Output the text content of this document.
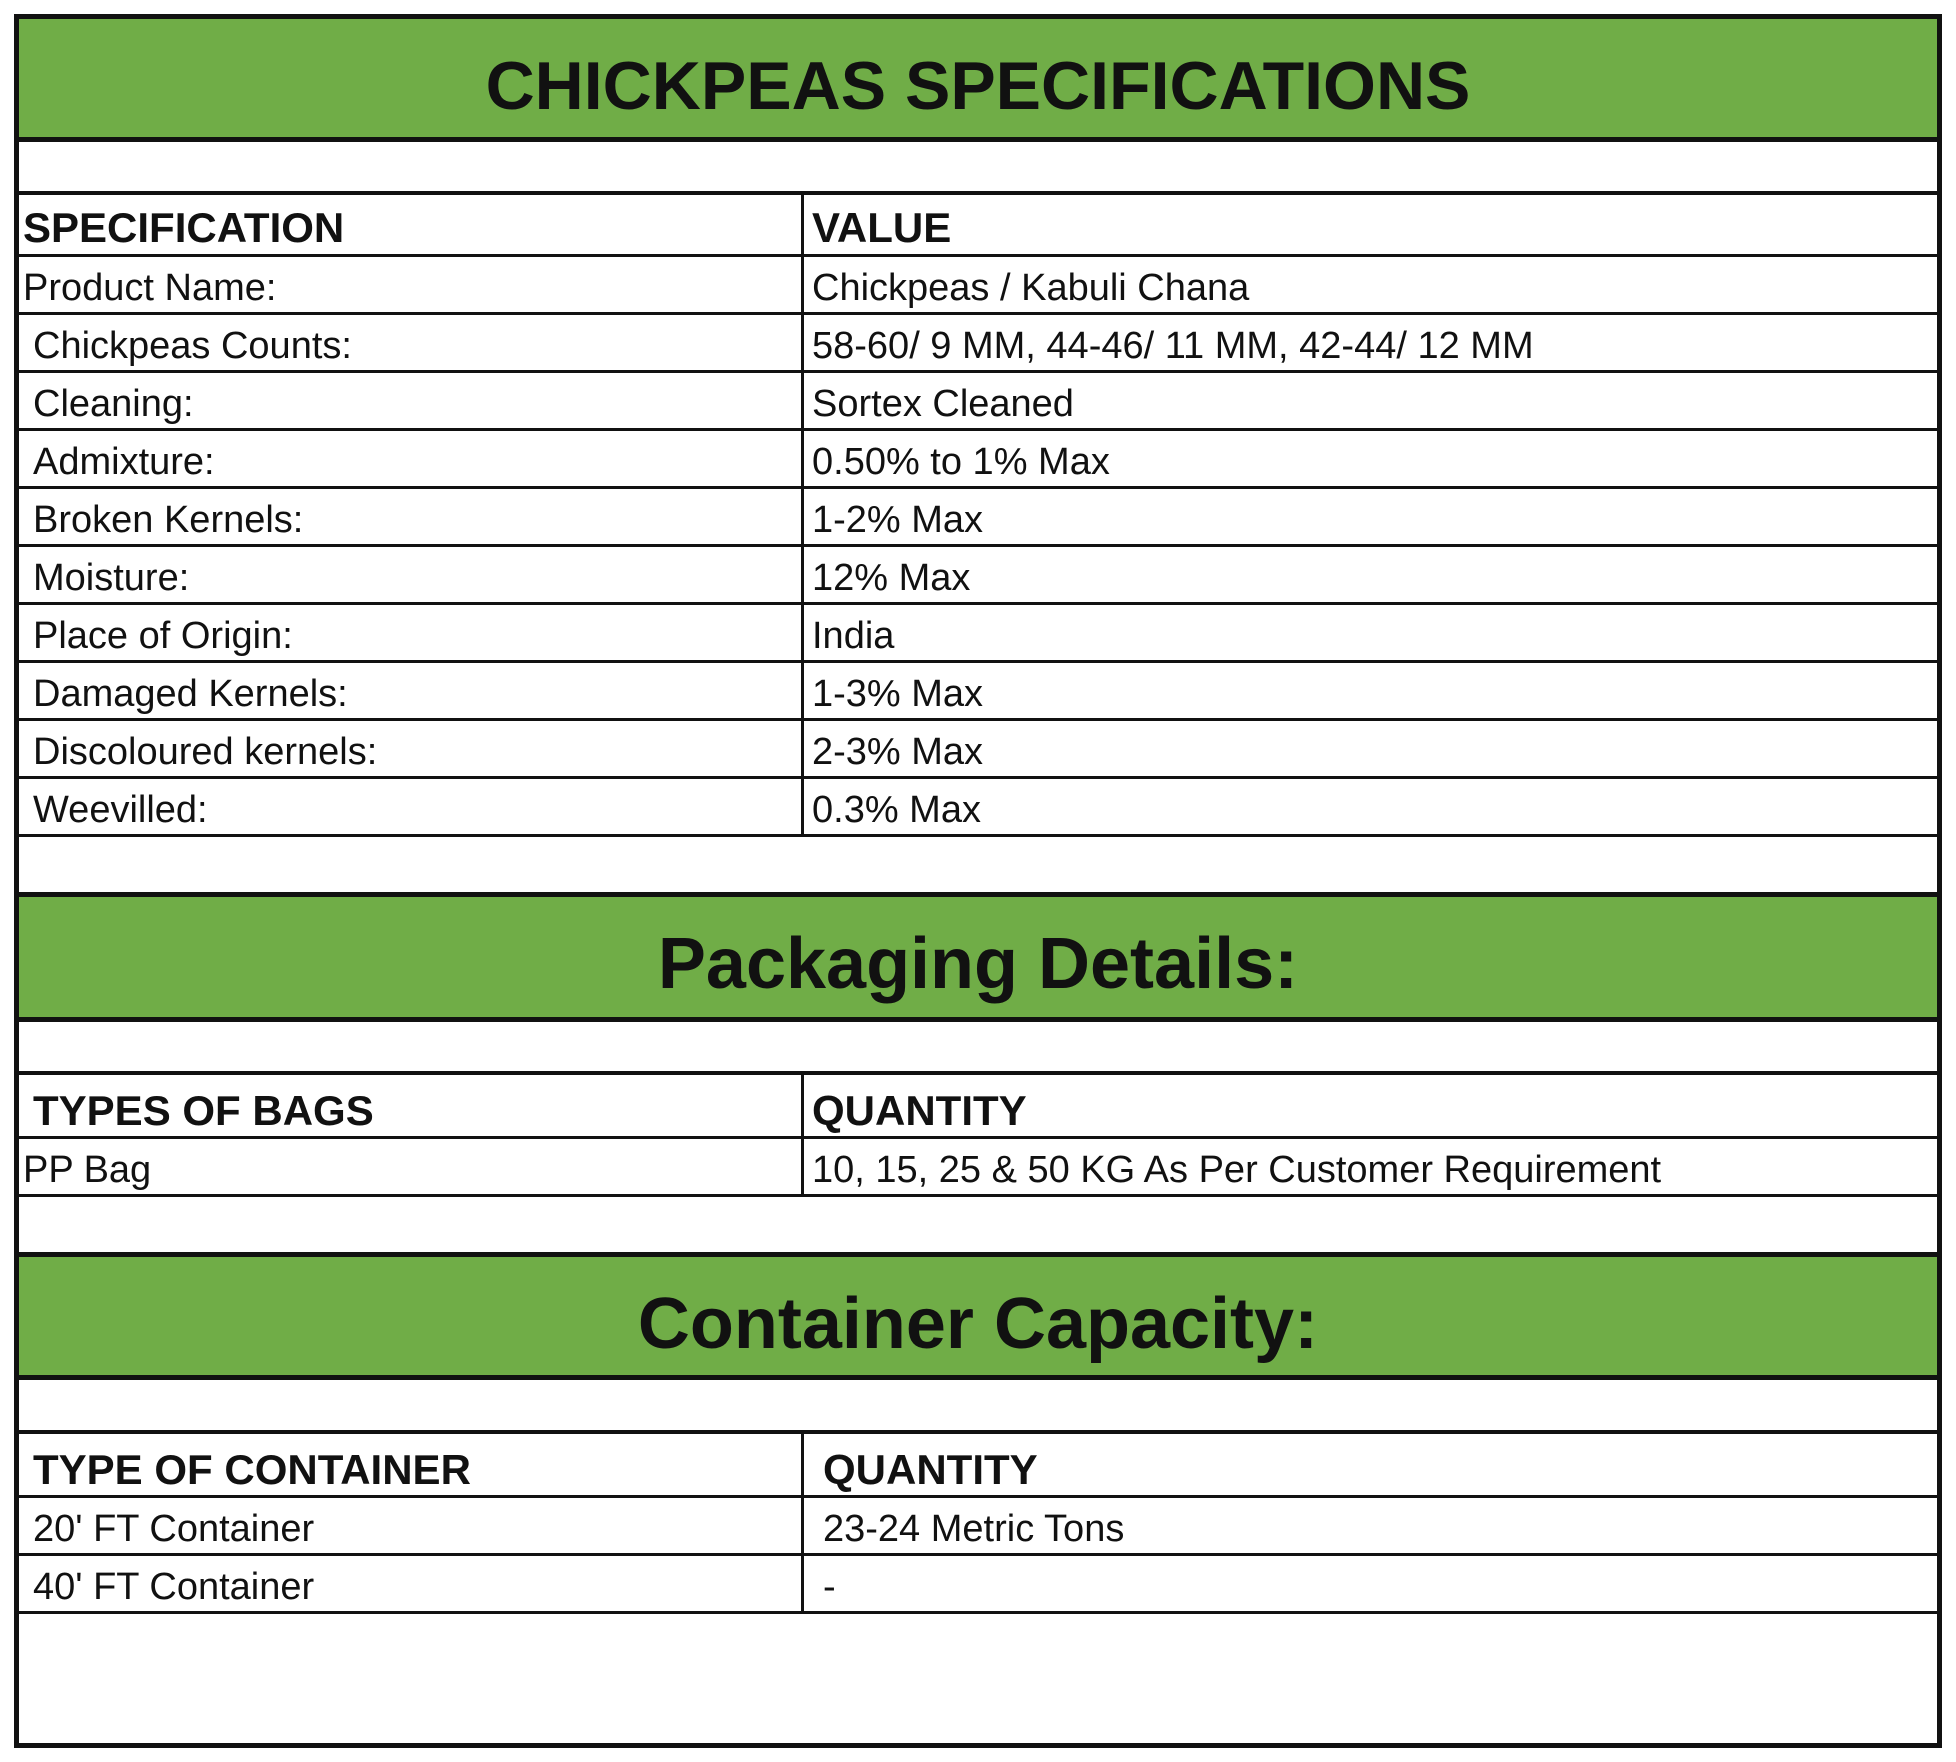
CHICKPEAS SPECIFICATIONS
SPECIFICATION	VALUE
Product Name:	Chickpeas / Kabuli Chana
Chickpeas Counts:	58-60/ 9 MM, 44-46/ 11 MM, 42-44/ 12 MM
Cleaning:	Sortex Cleaned
Admixture:	0.50% to 1% Max
Broken Kernels:	1-2% Max
Moisture:	12% Max
Place of Origin:	India
Damaged Kernels:	1-3% Max
Discoloured kernels:	2-3% Max
Weevilled:	0.3% Max
Packaging Details:
TYPES OF BAGS	QUANTITY
PP Bag	10, 15, 25 & 50 KG As Per Customer Requirement
Container Capacity:
TYPE OF CONTAINER	QUANTITY
20' FT Container	23-24 Metric Tons
40' FT Container	-
